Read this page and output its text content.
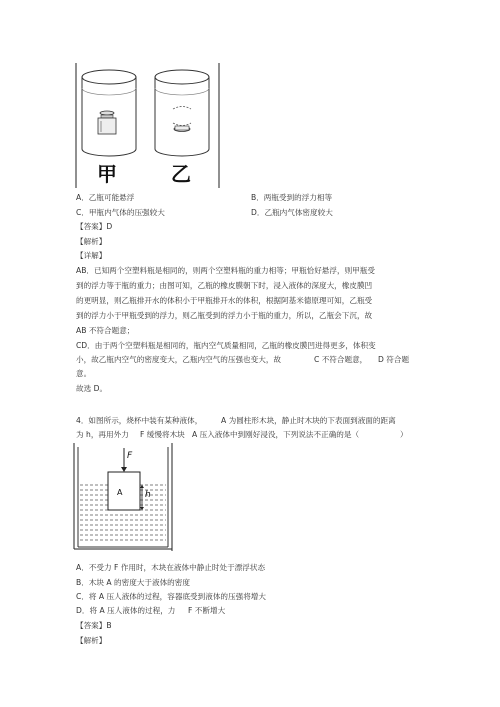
甲	乙
A．乙瓶可能悬浮	B．两瓶受到的浮力相等
C．甲瓶内气体的压强较大	D．乙瓶内气体密度较大
【答案】D
【解析】
【详解】
AB．已知两个空塑料瓶是相同的，则两个空塑料瓶的重力相等；甲瓶恰好悬浮，则甲瓶受
到的浮力等于瓶的重力；由图可知，乙瓶的橡皮膜朝下时，浸入液体的深度大，橡皮膜凹
的更明显，则乙瓶排开水的体积小于甲瓶排开水的体积，根据阿基米德原理可知，乙瓶受
到的浮力小于甲瓶受到的浮力，则乙瓶受到的浮力小于瓶的重力，所以，乙瓶会下沉，故
AB 不符合题意；
CD．由于两个空塑料瓶是相同的，瓶内空气质量相同，乙瓶的橡皮膜凹进得更多，体积变
小，故乙瓶内空气的密度变大，乙瓶内空气的压强也变大，故	C 不符合题意， D 符合题
意。
故选 D。
4．如图所示，烧杯中装有某种液体， A 为圆柱形木块，静止时木块的下表面到液面的距离
为 h，再用外力 F 缓慢将木块 A 压入液体中到刚好浸没，下列说法不正确的是（	）
F
A	h
A．不受力 F 作用时，木块在液体中静止时处于漂浮状态
B．木块 A 的密度大于液体的密度
C．将 A 压人液体的过程，容器底受到液体的压强将增大
D．将 A 压人液体的过程，力 F 不断增大
【答案】B
【解析】
